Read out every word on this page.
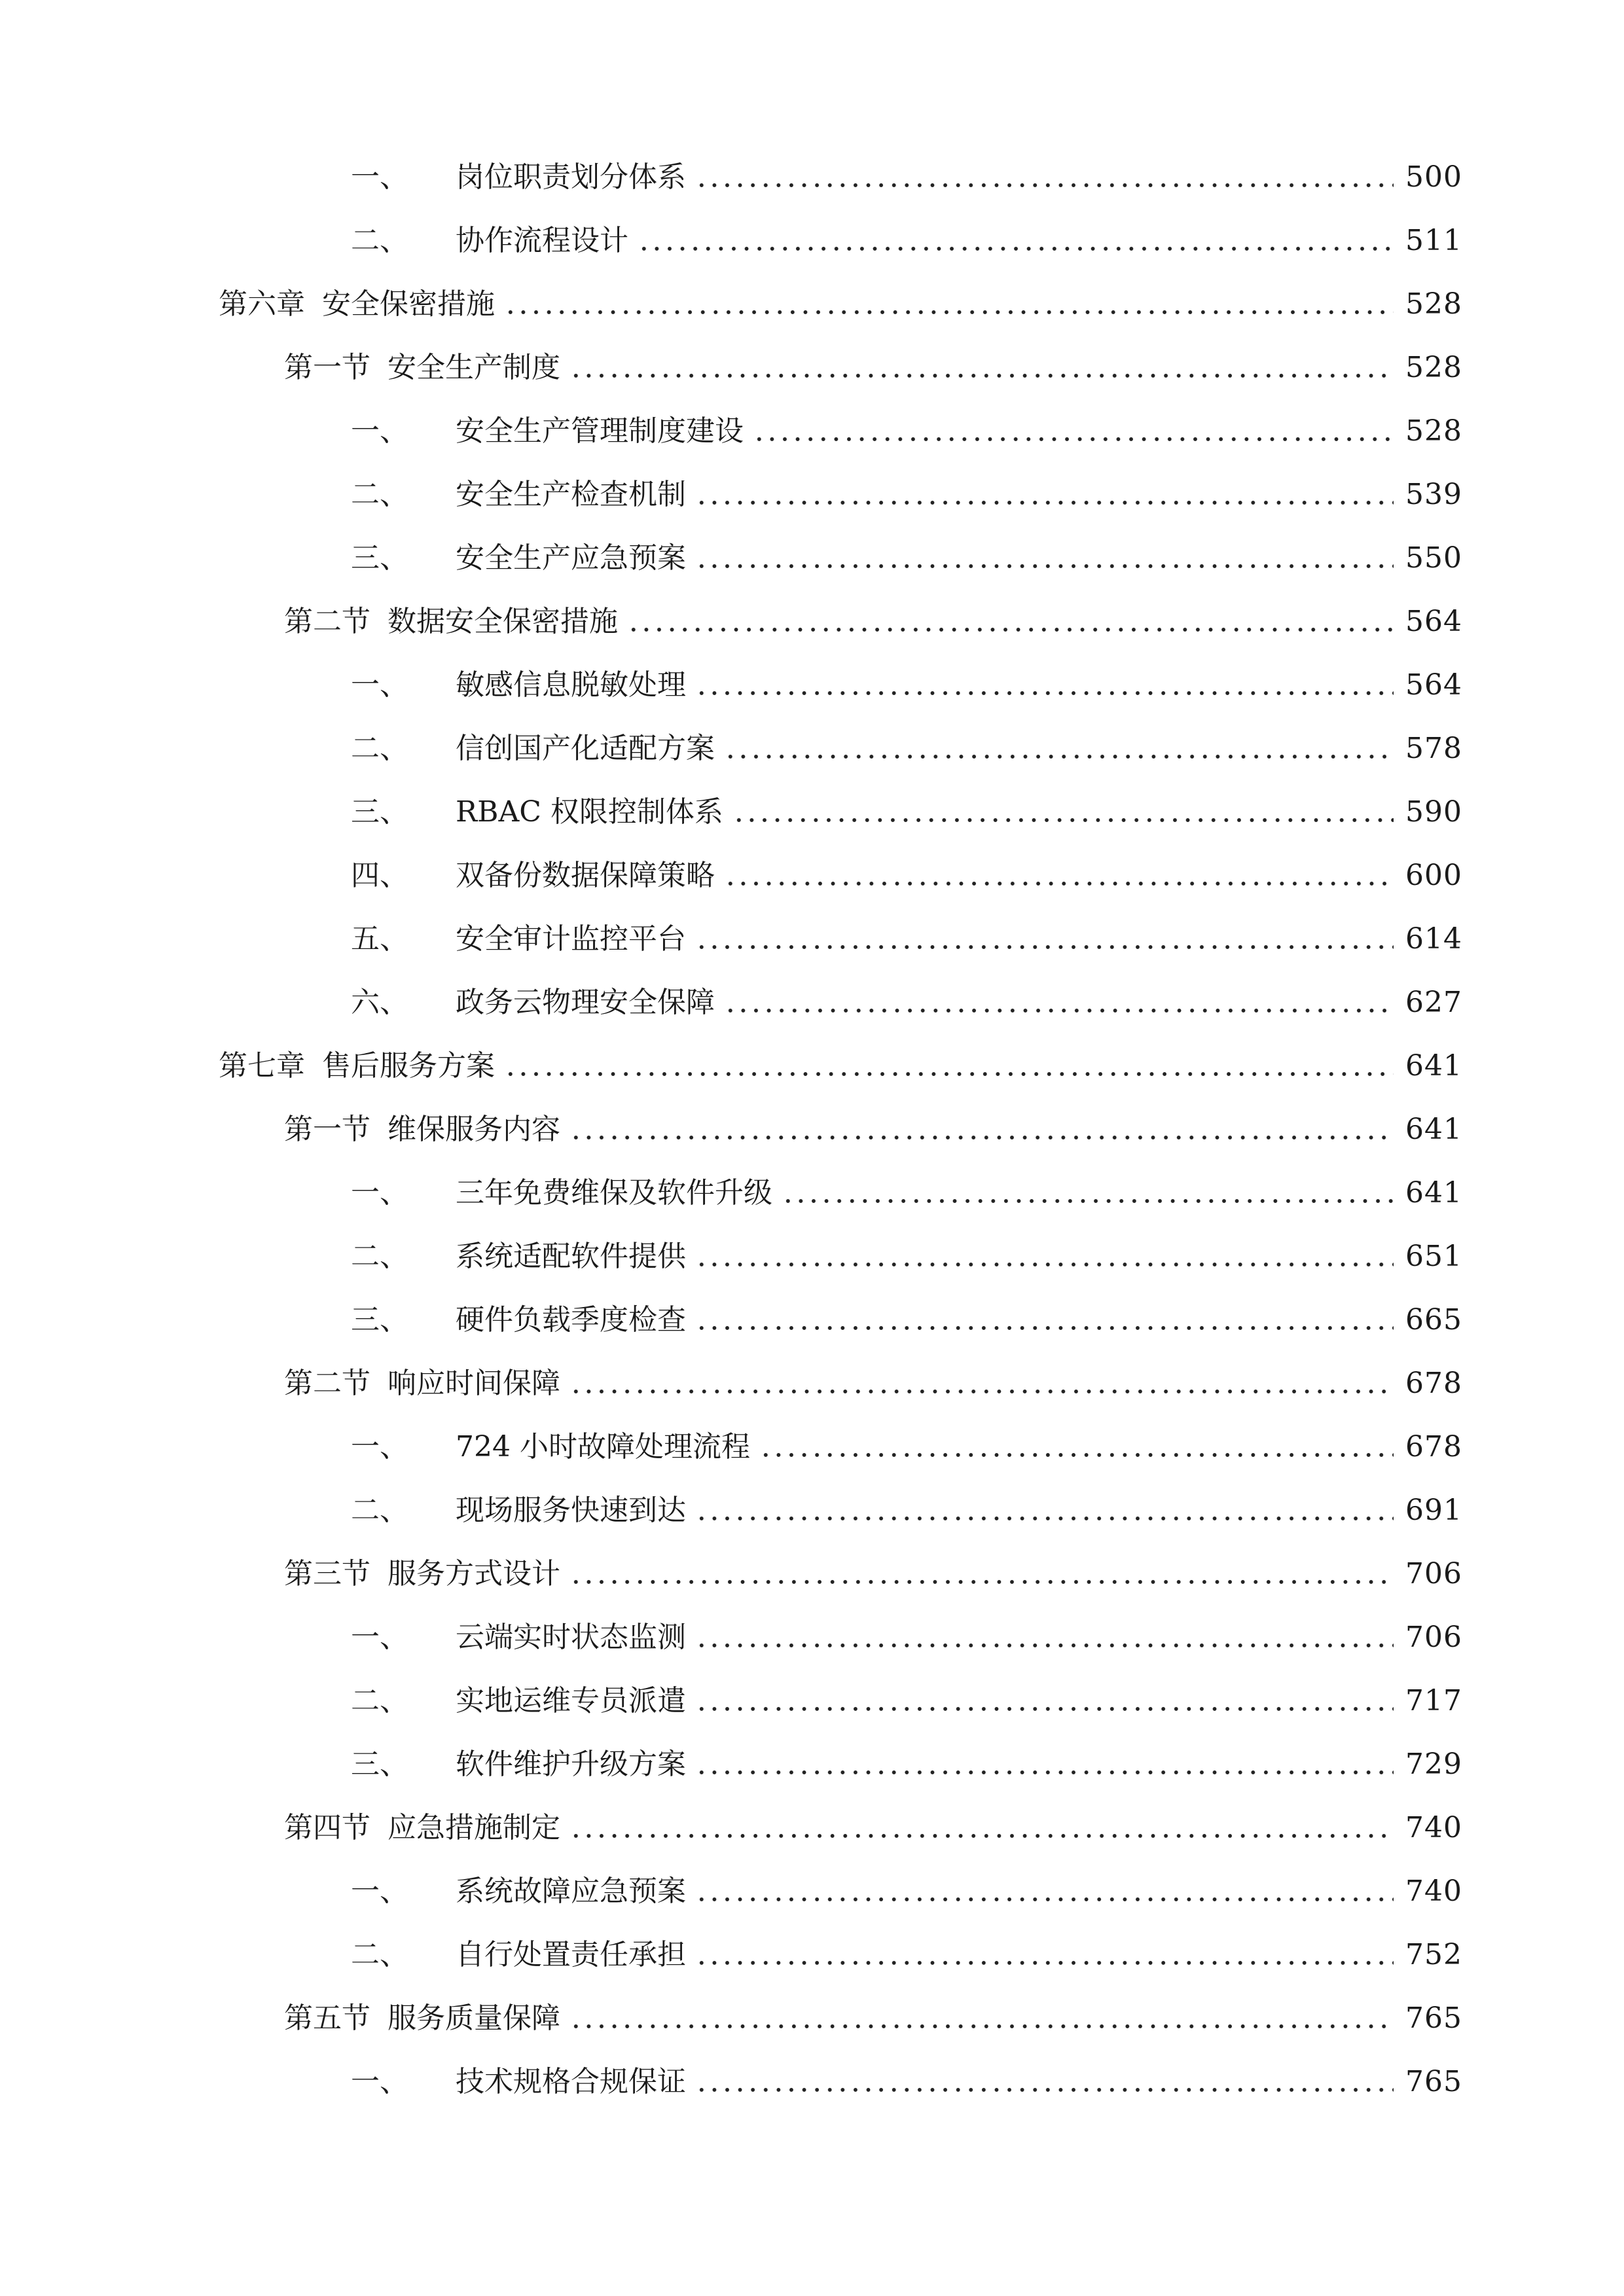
一、	岗位职责划分体系	500
二、	协作流程设计	511
第六章 安全保密措施	528
第一节 安全生产制度	528
一、	安全生产管理制度建设	528
二、	安全生产检查机制	539
三、	安全生产应急预案	550
第二节 数据安全保密措施	564
一、	敏感信息脱敏处理	564
二、	信创国产化适配方案	578
三、	RBAC 权限控制体系	590
四、	双备份数据保障策略	600
五、	安全审计监控平台	614
六、	政务云物理安全保障	627
第七章 售后服务方案	641
第一节 维保服务内容	641
一、	三年免费维保及软件升级	641
二、	系统适配软件提供	651
三、	硬件负载季度检查	665
第二节 响应时间保障	678
一、	724 小时故障处理流程	678
二、	现场服务快速到达	691
第三节 服务方式设计	706
一、	云端实时状态监测	706
二、	实地运维专员派遣	717
三、	软件维护升级方案	729
第四节 应急措施制定	740
一、	系统故障应急预案	740
二、	自行处置责任承担	752
第五节 服务质量保障	765
一、	技术规格合规保证	765
